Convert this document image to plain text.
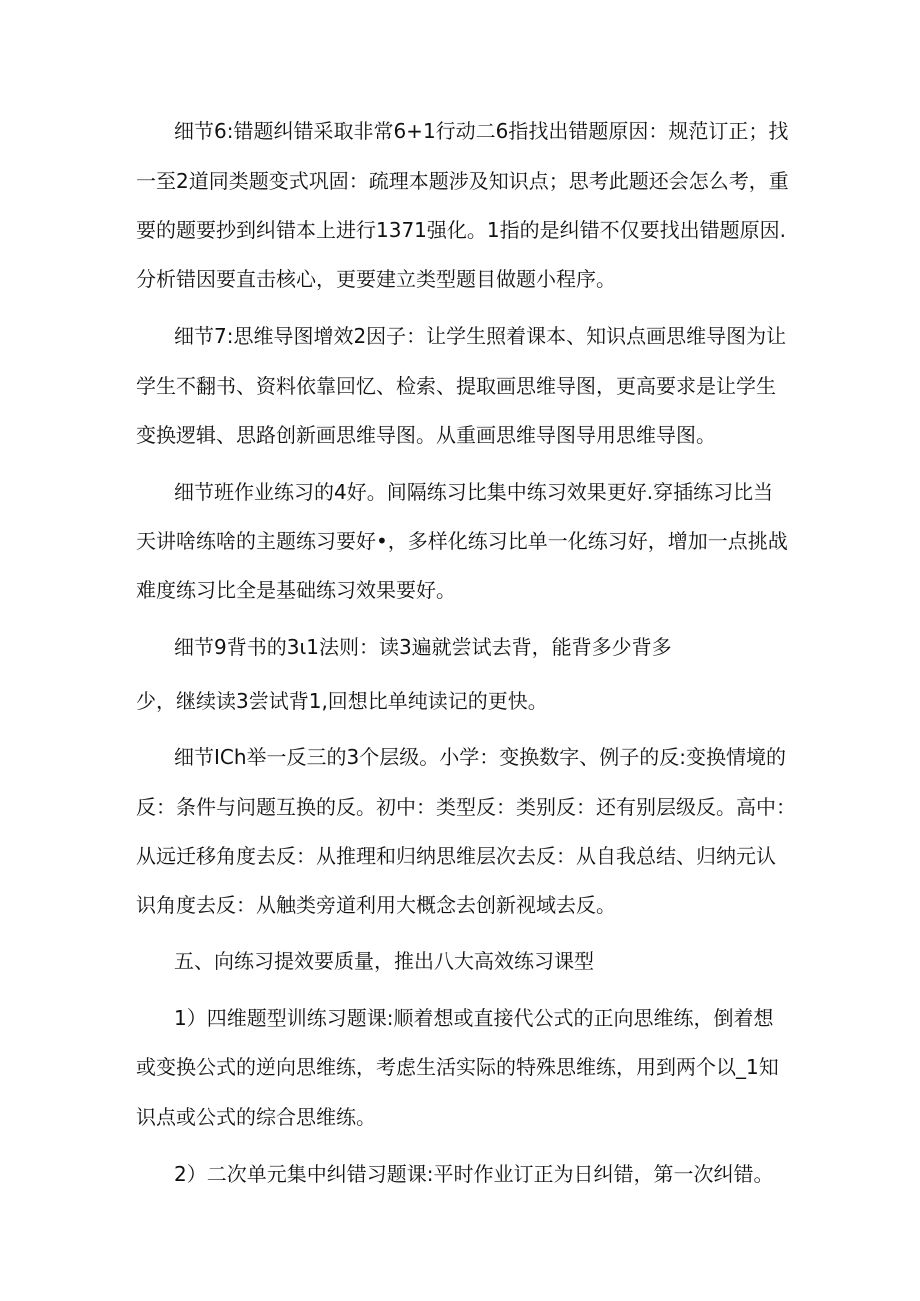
细节6:错题纠错采取非常6+1行动二6指找出错题原因：规范订正；找
一至2道同类题变式巩固：疏理本题涉及知识点；思考此题还会怎么考，重
要的题要抄到纠错本上进行1371强化。1指的是纠错不仅要找出错题原因.
分析错因要直击核心，更要建立类型题目做题小程序。
细节7:思维导图增效2因子：让学生照着课本、知识点画思维导图为让
学生不翻书、资料依靠回忆、检索、提取画思维导图，更高要求是让学生
变换逻辑、思路创新画思维导图。从重画思维导图导用思维导图。
细节班作业练习的4好。间隔练习比集中练习效果更好.穿插练习比当
天讲啥练啥的主题练习要好•，多样化练习比单一化练习好，增加一点挑战
难度练习比全是基础练习效果要好。
细节9背书的3ι1法则：读3遍就尝试去背，能背多少背多
少，继续读3尝试背1,回想比单纯读记的更快。
细节ICh举一反三的3个层级。小学：变换数字、例子的反:变换情境的
反：条件与问题互换的反。初中：类型反：类别反：还有别层级反。高中：
从远迁移角度去反：从推理和归纳思维层次去反：从自我总结、归纳元认
识角度去反：从触类旁道利用大概念去创新视域去反。
五、向练习提效要质量，推出八大高效练习课型
1）四维题型训练习题课:顺着想或直接代公式的正向思维练，倒着想
或变换公式的逆向思维练，考虑生活实际的特殊思维练，用到两个以_1知
识点或公式的综合思维练。
2）二次单元集中纠错习题课:平时作业订正为日纠错，第一次纠错。
